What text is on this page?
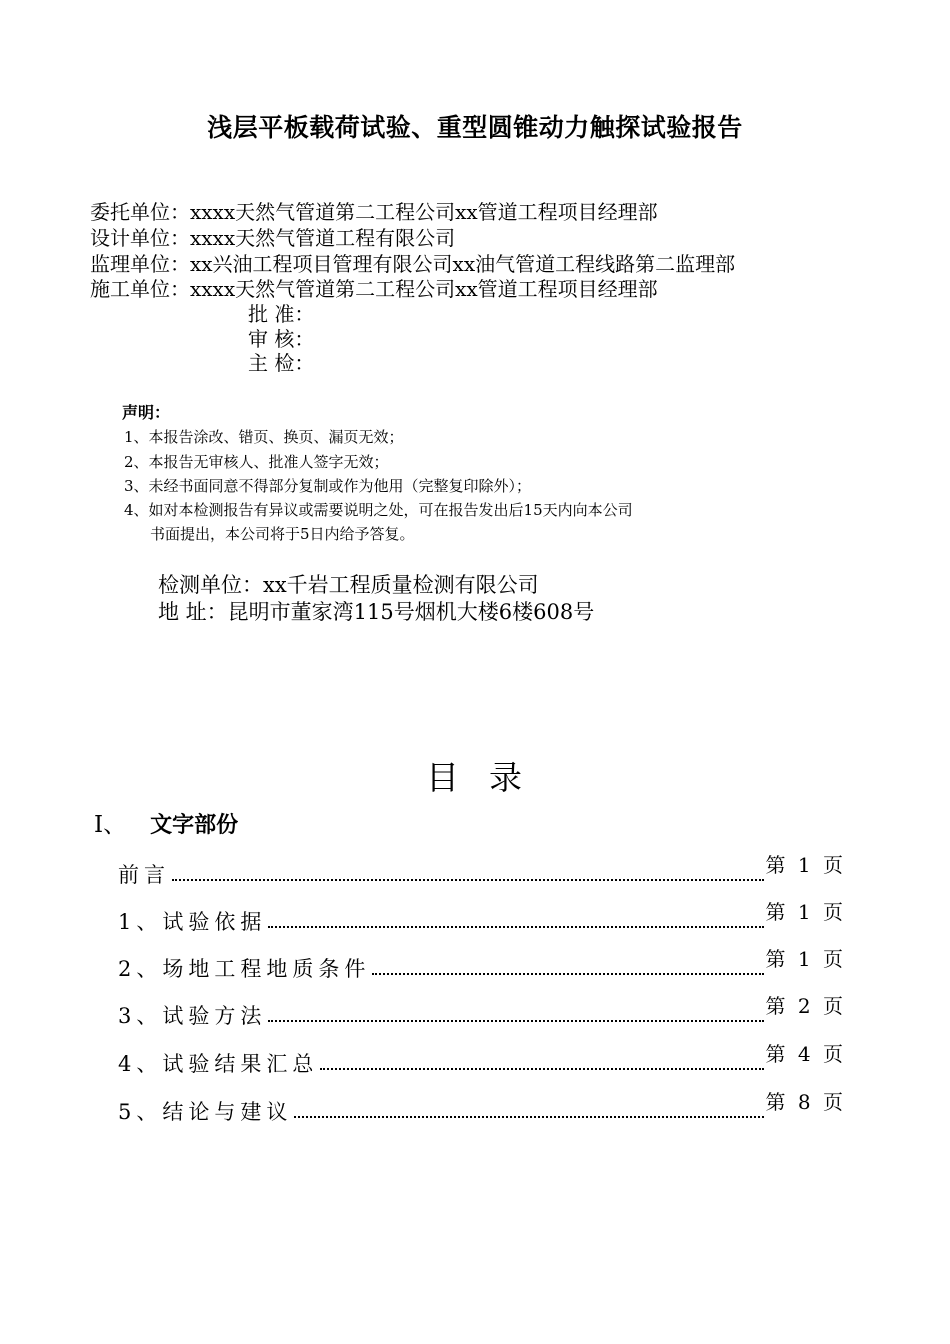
浅层平板载荷试验、重型圆锥动力触探试验报告
委托单位：xxxx天然气管道第二工程公司xx管道工程项目经理部
设计单位：xxxx天然气管道工程有限公司
监理单位：xx兴油工程项目管理有限公司xx油气管道工程线路第二监理部
施工单位：xxxx天然气管道第二工程公司xx管道工程项目经理部
批 准：
审 核：
主 检：
声明：
1、本报告涂改、错页、换页、漏页无效；
2、本报告无审核人、批准人签字无效；
3、未经书面同意不得部分复制或作为他用（完整复印除外）；
4、如对本检测报告有异议或需要说明之处，可在报告发出后15天内向本公司
书面提出，本公司将于5日内给予答复。
检测单位：xx千岩工程质量检测有限公司
地 址：昆明市董家湾115号烟机大楼6楼608号
目 录
Ⅰ、 文字部份
前言	第 1 页
1、试验依据	第 1 页
2、场地工程地质条件	第 1 页
3、试验方法	第 2 页
4、试验结果汇总	第 4 页
5、结论与建议	第 8 页
